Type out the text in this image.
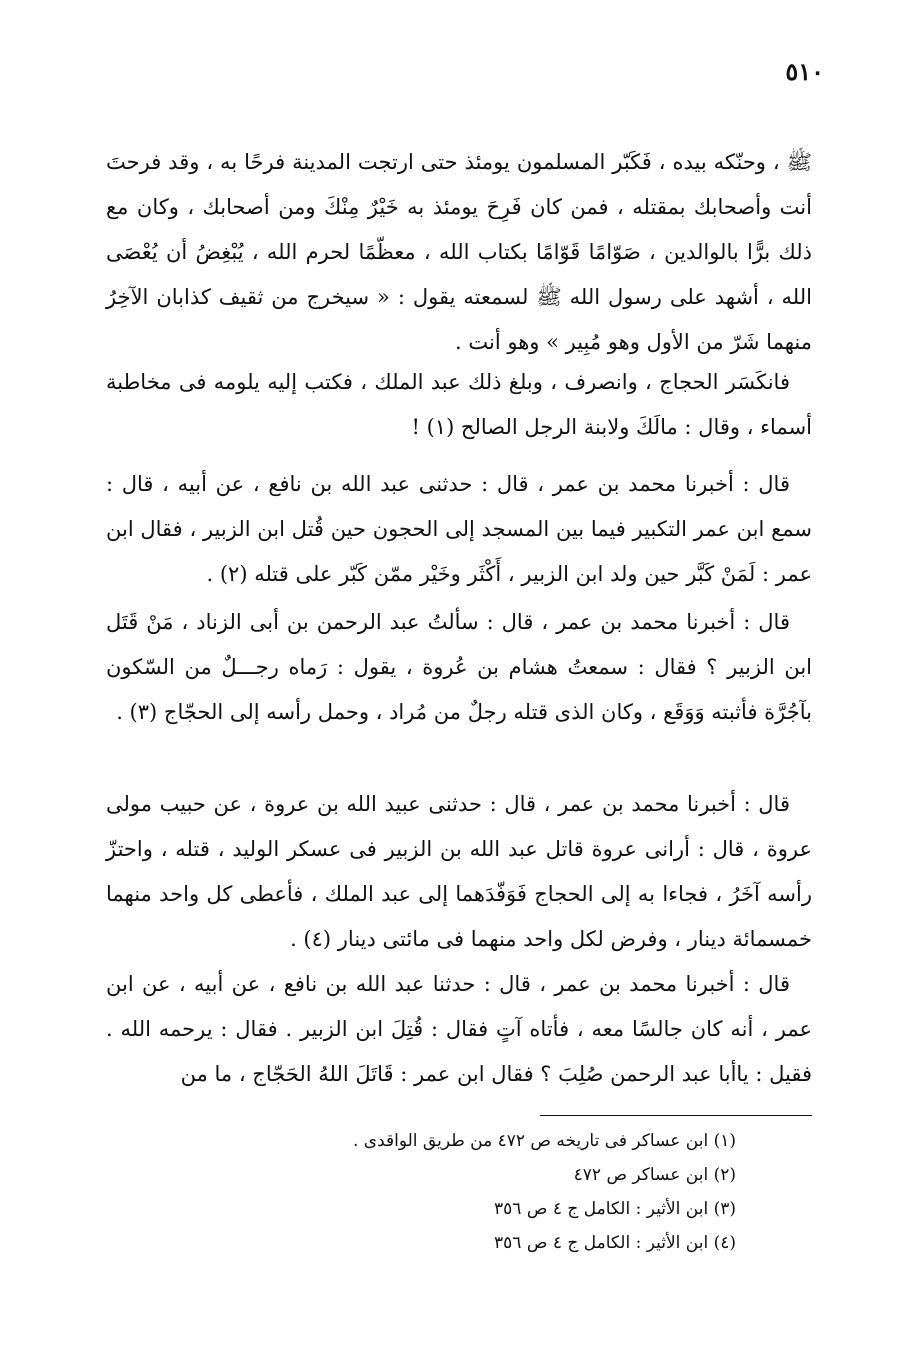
٥١٠
ﷺ ، وحنّكه بيده ، فَكَبّر المسلمون يومئذ حتى ارتجت المدينة فرحًا به ، وقد فرحتَ أنت وأصحابك بمقتله ، فمن كان فَرِحَ يومئذ به خَيْرٌ مِنْكَ ومن أصحابك ، وكان مع ذلك برًّا بالوالدين ، صَوّامًا قَوّامًا بكتاب الله ، معظّمًا لحرم الله ، يُبْغِضُ أن يُعْصَى الله ، أشهد على رسول الله ﷺ لسمعته يقول : « سيخرج من ثقيف كذابان الآخِرُ منهما شَرّ من الأول وهو مُبِير » وهو أنت .
فانكَسَر الحجاج ، وانصرف ، وبلغ ذلك عبد الملك ، فكتب إليه يلومه فى مخاطبة أسماء ، وقال : مالَكَ ولابنة الرجل الصالح (١) !
قال : أخبرنا محمد بن عمر ، قال : حدثنى عبد الله بن نافع ، عن أبيه ، قال : سمع ابن عمر التكبير فيما بين المسجد إلى الحجون حين قُتل ابن الزبير ، فقال ابن عمر : لَمَنْ كَبَّر حين ولد ابن الزبير ، أَكْثَر وخَيْر ممّن كَبّر على قتله (٢) .
قال : أخبرنا محمد بن عمر ، قال : سألتُ عبد الرحمن بن أبى الزناد ، مَنْ قَتَل ابن الزبير ؟ فقال : سمعتُ هشام بن عُروة ، يقول : رَماه رجـــلٌ من السّكون بآجُرَّة فأثبته وَوَقَع ، وكان الذى قتله رجلٌ من مُراد ، وحمل رأسه إلى الحجّاج (٣) .
قال : أخبرنا محمد بن عمر ، قال : حدثنى عبيد الله بن عروة ، عن حبيب مولى عروة ، قال : أرانى عروة قاتل عبد الله بن الزبير فى عسكر الوليد ، قتله ، واحتزّ رأسه آخَرُ ، فجاءا به إلى الحجاج فَوَفّدَهما إلى عبد الملك ، فأعطى كل واحد منهما خمسمائة دينار ، وفرض لكل واحد منهما فى مائتى دينار (٤) .
قال : أخبرنا محمد بن عمر ، قال : حدثنا عبد الله بن نافع ، عن أبيه ، عن ابن عمر ، أنه كان جالسًا معه ، فأتاه آتٍ فقال : قُتِلَ ابن الزبير . فقال : يرحمه الله . فقيل : ياأبا عبد الرحمن صُلِبَ ؟ فقال ابن عمر : قَاتَلَ اللهُ الحَجّاج ، ما من
(١) ابن عساكر فى تاريخه ص ٤٧٢ من طريق الواقدى .
(٢) ابن عساكر ص ٤٧٢
(٣) ابن الأثير : الكامل ج ٤ ص ٣٥٦
(٤) ابن الأثير : الكامل ج ٤ ص ٣٥٦
